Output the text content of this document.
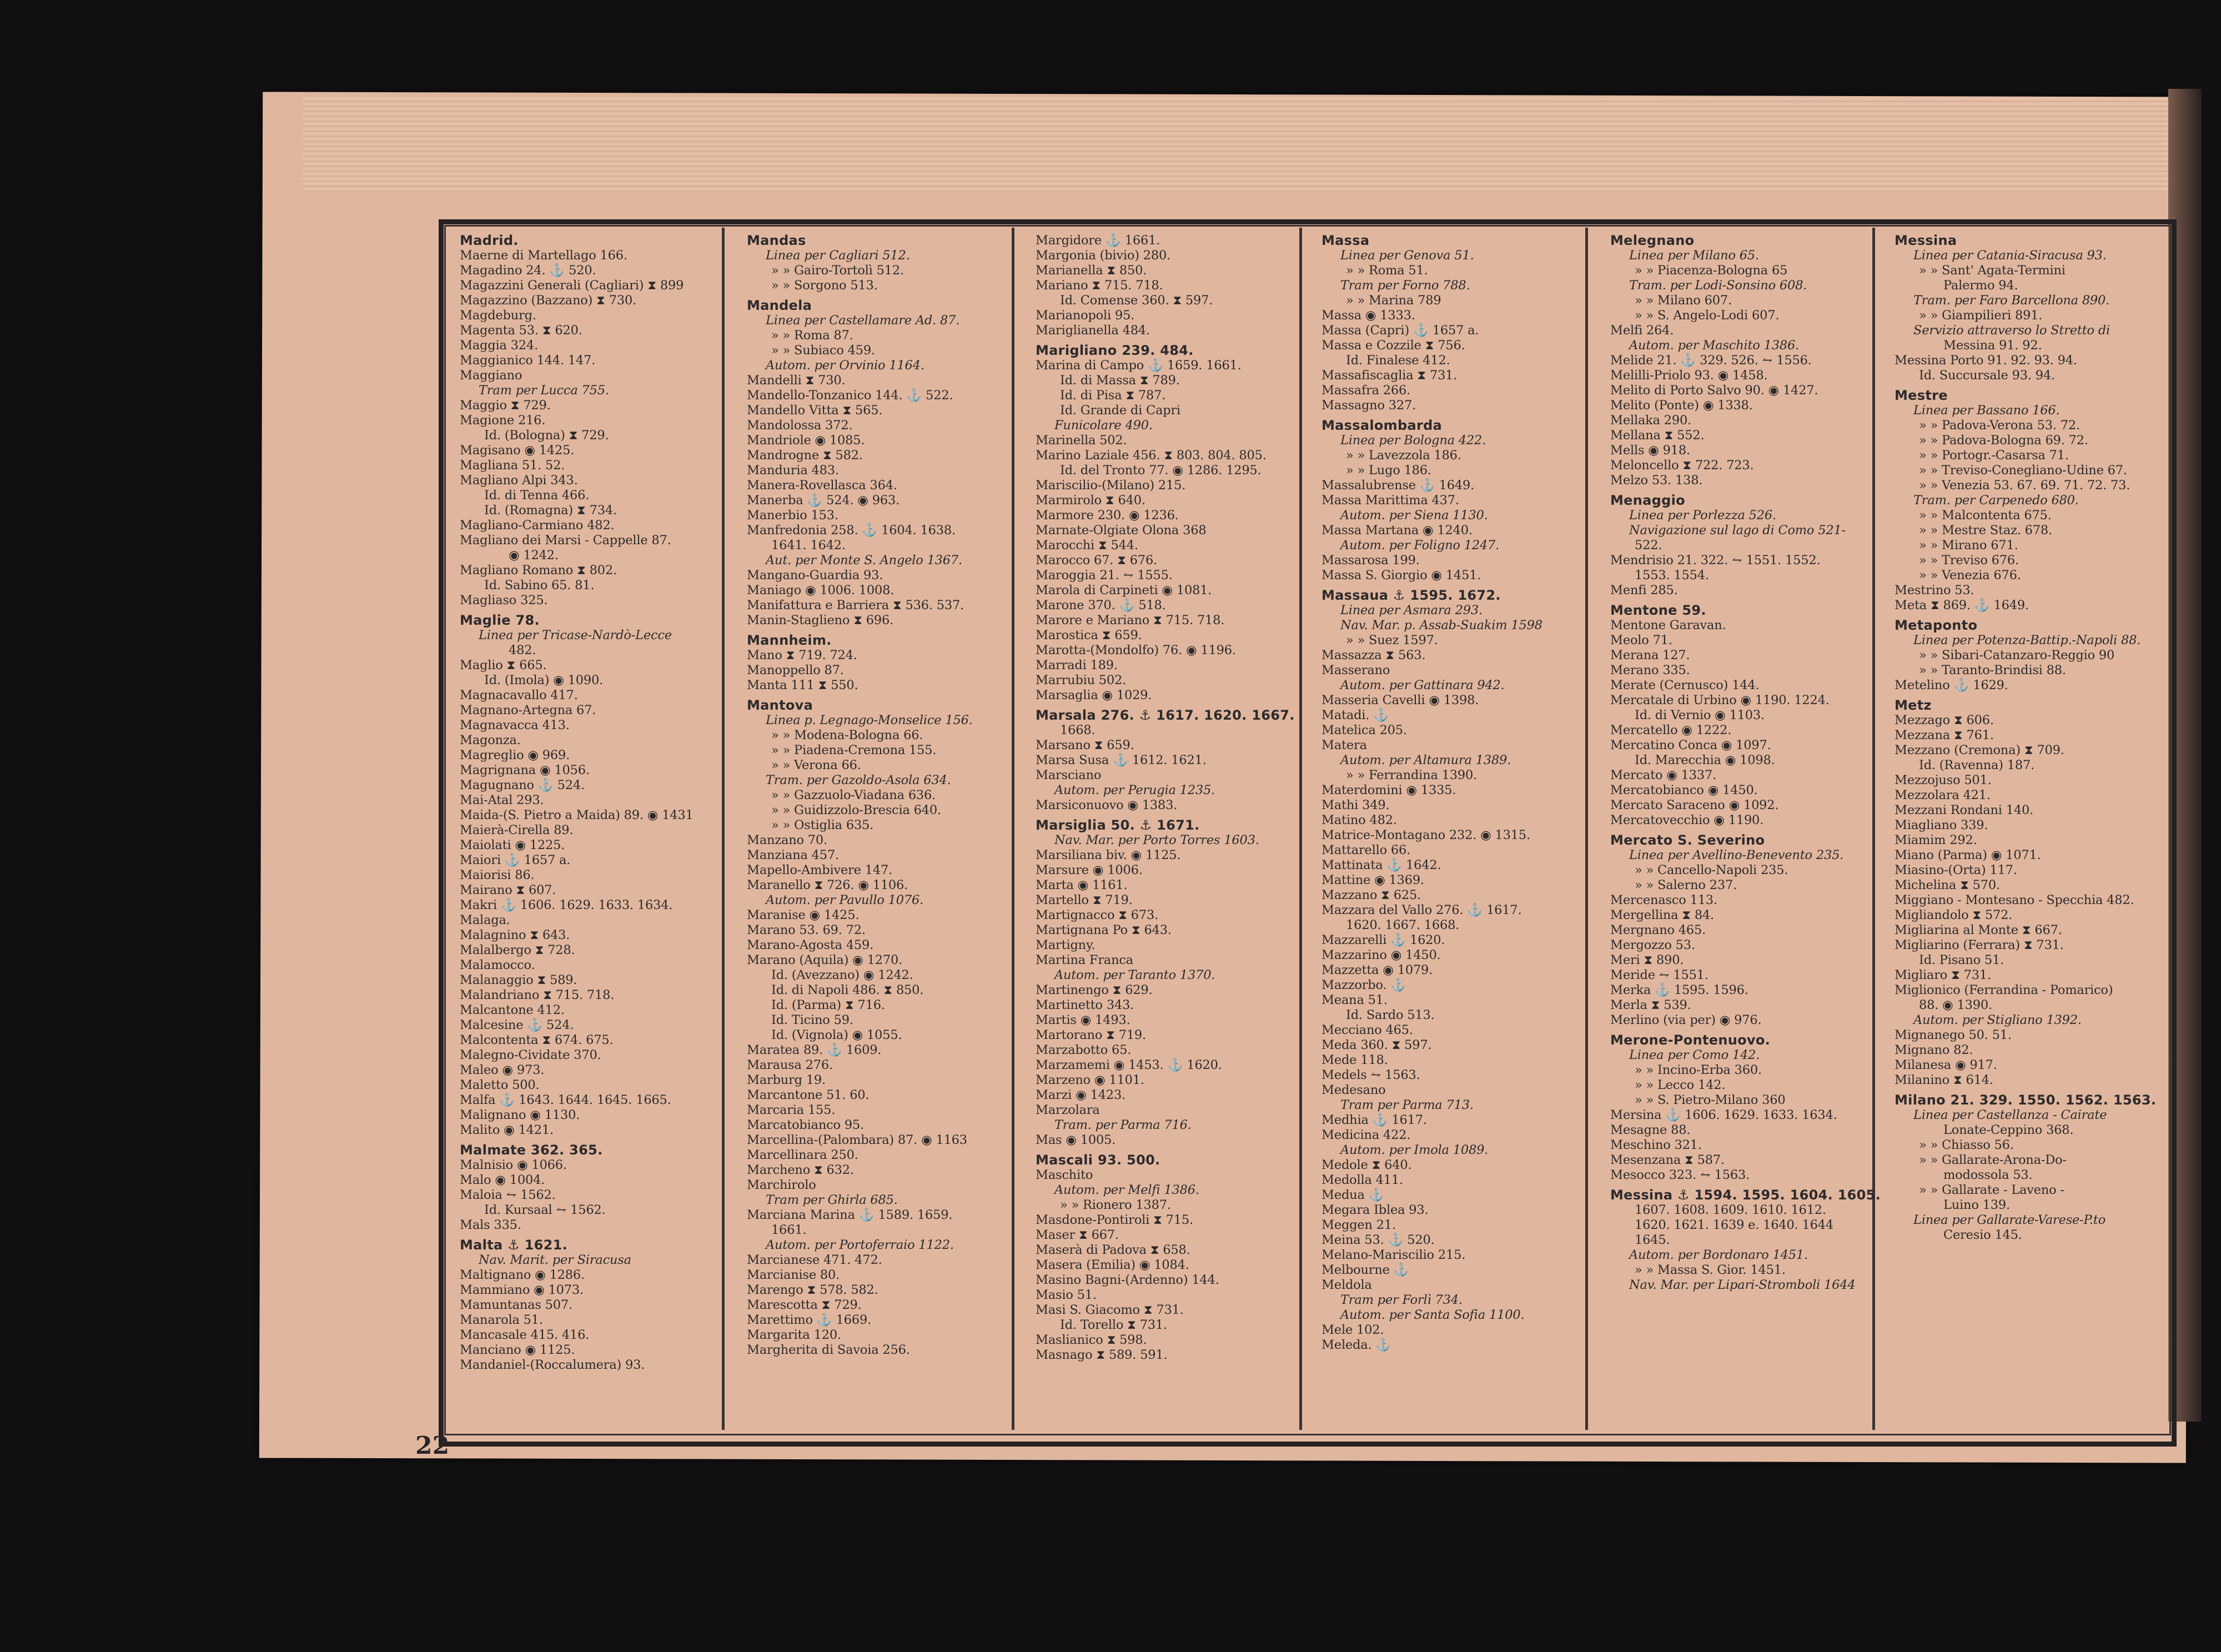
Madrid.
Maerne di Martellago 166.
Magadino 24. ⚓ 520.
Magazzini Generali (Cagliari) ⧗ 899
Magazzino (Bazzano) ⧗ 730.
Magdeburg.
Magenta 53. ⧗ 620.
Maggia 324.
Maggianico 144. 147.
Maggiano
Tram per Lucca 755.
Maggio ⧗ 729.
Magione 216.
Id. (Bologna) ⧗ 729.
Magisano ◉ 1425.
Magliana 51. 52.
Magliano Alpi 343.
Id. di Tenna 466.
Id. (Romagna) ⧗ 734.
Magliano-Carmiano 482.
Magliano dei Marsi - Cappelle 87.
◉ 1242.
Magliano Romano ⧗ 802.
Id. Sabino 65. 81.
Magliaso 325.
Maglie 78.
Linea per Tricase-Nardò-Lecce
482.
Maglio ⧗ 665.
Id. (Imola) ◉ 1090.
Magnacavallo 417.
Magnano-Artegna 67.
Magnavacca 413.
Magonza.
Magreglio ◉ 969.
Magrignana ◉ 1056.
Magugnano ⚓ 524.
Mai-Atal 293.
Maida-(S. Pietro a Maida) 89. ◉ 1431
Maierà-Cirella 89.
Maiolati ◉ 1225.
Maiori ⚓ 1657 a.
Maiorisi 86.
Mairano ⧗ 607.
Makri ⚓ 1606. 1629. 1633. 1634.
Malaga.
Malagnino ⧗ 643.
Malalbergo ⧗ 728.
Malamocco.
Malanaggio ⧗ 589.
Malandriano ⧗ 715. 718.
Malcantone 412.
Malcesine ⚓ 524.
Malcontenta ⧗ 674. 675.
Malegno-Cividate 370.
Maleo ◉ 973.
Maletto 500.
Malfa ⚓ 1643. 1644. 1645. 1665.
Malignano ◉ 1130.
Malito ◉ 1421.
Malmate 362. 365.
Malnisio ◉ 1066.
Malo ◉ 1004.
Maloia ⥊ 1562.
Id. Kursaal ⥊ 1562.
Mals 335.
Malta ⚓ 1621.
Nav. Marit. per Siracusa
Maltignano ◉ 1286.
Mammiano ◉ 1073.
Mamuntanas 507.
Manarola 51.
Mancasale 415. 416.
Manciano ◉ 1125.
Mandaniel-(Roccalumera) 93.
Mandas
Linea per Cagliari 512.
» » Gairo-Tortolì 512.
» » Sorgono 513.
Mandela
Linea per Castellamare Ad. 87.
» » Roma 87.
» » Subiaco 459.
Autom. per Orvinio 1164.
Mandelli ⧗ 730.
Mandello-Tonzanico 144. ⚓ 522.
Mandello Vitta ⧗ 565.
Mandolossa 372.
Mandriole ◉ 1085.
Mandrogne ⧗ 582.
Manduria 483.
Manera-Rovellasca 364.
Manerba ⚓ 524. ◉ 963.
Manerbio 153.
Manfredonia 258. ⚓ 1604. 1638.
1641. 1642.
Aut. per Monte S. Angelo 1367.
Mangano-Guardia 93.
Maniago ◉ 1006. 1008.
Manifattura e Barriera ⧗ 536. 537.
Manin-Staglieno ⧗ 696.
Mannheim.
Mano ⧗ 719. 724.
Manoppello 87.
Manta 111 ⧗ 550.
Mantova
Linea p. Legnago-Monselice 156.
» » Modena-Bologna 66.
» » Piadena-Cremona 155.
» » Verona 66.
Tram. per Gazoldo-Asola 634.
» » Gazzuolo-Viadana 636.
» » Guidizzolo-Brescia 640.
» » Ostiglia 635.
Manzano 70.
Manziana 457.
Mapello-Ambivere 147.
Maranello ⧗ 726. ◉ 1106.
Autom. per Pavullo 1076.
Maranise ◉ 1425.
Marano 53. 69. 72.
Marano-Agosta 459.
Marano (Aquila) ◉ 1270.
Id. (Avezzano) ◉ 1242.
Id. di Napoli 486. ⧗ 850.
Id. (Parma) ⧗ 716.
Id. Ticino 59.
Id. (Vignola) ◉ 1055.
Maratea 89. ⚓ 1609.
Marausa 276.
Marburg 19.
Marcantone 51. 60.
Marcaria 155.
Marcatobianco 95.
Marcellina-(Palombara) 87. ◉ 1163
Marcellinara 250.
Marcheno ⧗ 632.
Marchirolo
Tram per Ghirla 685.
Marciana Marina ⚓ 1589. 1659.
1661.
Autom. per Portoferraio 1122.
Marcianese 471. 472.
Marcianise 80.
Marengo ⧗ 578. 582.
Marescotta ⧗ 729.
Marettimo ⚓ 1669.
Margarita 120.
Margherita di Savoia 256.
Margidore ⚓ 1661.
Margonia (bivio) 280.
Marianella ⧗ 850.
Mariano ⧗ 715. 718.
Id. Comense 360. ⧗ 597.
Marianopoli 95.
Mariglianella 484.
Marigliano 239. 484.
Marina di Campo ⚓ 1659. 1661.
Id. di Massa ⧗ 789.
Id. di Pisa ⧗ 787.
Id. Grande di Capri
Funicolare 490.
Marinella 502.
Marino Laziale 456. ⧗ 803. 804. 805.
Id. del Tronto 77. ◉ 1286. 1295.
Mariscilio-(Milano) 215.
Marmirolo ⧗ 640.
Marmore 230. ◉ 1236.
Marnate-Olgiate Olona 368
Marocchi ⧗ 544.
Marocco 67. ⧗ 676.
Maroggia 21. ⥊ 1555.
Marola di Carpineti ◉ 1081.
Marone 370. ⚓ 518.
Marore e Mariano ⧗ 715. 718.
Marostica ⧗ 659.
Marotta-(Mondolfo) 76. ◉ 1196.
Marradi 189.
Marrubiu 502.
Marsaglia ◉ 1029.
Marsala 276. ⚓ 1617. 1620. 1667.
1668.
Marsano ⧗ 659.
Marsa Susa ⚓ 1612. 1621.
Marsciano
Autom. per Perugia 1235.
Marsiconuovo ◉ 1383.
Marsiglia 50. ⚓ 1671.
Nav. Mar. per Porto Torres 1603.
Marsiliana biv. ◉ 1125.
Marsure ◉ 1006.
Marta ◉ 1161.
Martello ⧗ 719.
Martignacco ⧗ 673.
Martignana Po ⧗ 643.
Martigny.
Martina Franca
Autom. per Taranto 1370.
Martinengo ⧗ 629.
Martinetto 343.
Martis ◉ 1493.
Martorano ⧗ 719.
Marzabotto 65.
Marzamemi ◉ 1453. ⚓ 1620.
Marzeno ◉ 1101.
Marzi ◉ 1423.
Marzolara
Tram. per Parma 716.
Mas ◉ 1005.
Mascali 93. 500.
Maschito
Autom. per Melfi 1386.
» » Rionero 1387.
Masdone-Pontiroli ⧗ 715.
Maser ⧗ 667.
Maserà di Padova ⧗ 658.
Masera (Emilia) ◉ 1084.
Masino Bagni-(Ardenno) 144.
Masio 51.
Masi S. Giacomo ⧗ 731.
Id. Torello ⧗ 731.
Maslianico ⧗ 598.
Masnago ⧗ 589. 591.
Massa
Linea per Genova 51.
» » Roma 51.
Tram per Forno 788.
» » Marina 789
Massa ◉ 1333.
Massa (Capri) ⚓ 1657 a.
Massa e Cozzile ⧗ 756.
Id. Finalese 412.
Massafiscaglia ⧗ 731.
Massafra 266.
Massagno 327.
Massalombarda
Linea per Bologna 422.
» » Lavezzola 186.
» » Lugo 186.
Massalubrense ⚓ 1649.
Massa Marittima 437.
Autom. per Siena 1130.
Massa Martana ◉ 1240.
Autom. per Foligno 1247.
Massarosa 199.
Massa S. Giorgio ◉ 1451.
Massaua ⚓ 1595. 1672.
Linea per Asmara 293.
Nav. Mar. p. Assab-Suakim 1598
» » Suez 1597.
Massazza ⧗ 563.
Masserano
Autom. per Gattinara 942.
Masseria Cavelli ◉ 1398.
Matadi. ⚓
Matelica 205.
Matera
Autom. per Altamura 1389.
» » Ferrandina 1390.
Materdomini ◉ 1335.
Mathi 349.
Matino 482.
Matrice-Montagano 232. ◉ 1315.
Mattarello 66.
Mattinata ⚓ 1642.
Mattine ◉ 1369.
Mazzano ⧗ 625.
Mazzara del Vallo 276. ⚓ 1617.
1620. 1667. 1668.
Mazzarelli ⚓ 1620.
Mazzarino ◉ 1450.
Mazzetta ◉ 1079.
Mazzorbo. ⚓
Meana 51.
Id. Sardo 513.
Mecciano 465.
Meda 360. ⧗ 597.
Mede 118.
Medels ⥊ 1563.
Medesano
Tram per Parma 713.
Medhia ⚓ 1617.
Medicina 422.
Autom. per Imola 1089.
Medole ⧗ 640.
Medolla 411.
Medua ⚓
Megara Iblea 93.
Meggen 21.
Meina 53. ⚓ 520.
Melano-Mariscilio 215.
Melbourne ⚓
Meldola
Tram per Forlì 734.
Autom. per Santa Sofia 1100.
Mele 102.
Meleda. ⚓
Melegnano
Linea per Milano 65.
» » Piacenza-Bologna 65
Tram. per Lodi-Sonsino 608.
» » Milano 607.
» » S. Angelo-Lodi 607.
Melfi 264.
Autom. per Maschito 1386.
Melide 21. ⚓ 329. 526. ⥊ 1556.
Melilli-Priolo 93. ◉ 1458.
Melito di Porto Salvo 90. ◉ 1427.
Melito (Ponte) ◉ 1338.
Mellaka 290.
Mellana ⧗ 552.
Mells ◉ 918.
Meloncello ⧗ 722. 723.
Melzo 53. 138.
Menaggio
Linea per Porlezza 526.
Navigazione sul lago di Como 521-
522.
Mendrisio 21. 322. ⥊ 1551. 1552.
1553. 1554.
Menfi 285.
Mentone 59.
Mentone Garavan.
Meolo 71.
Merana 127.
Merano 335.
Merate (Cernusco) 144.
Mercatale di Urbino ◉ 1190. 1224.
Id. di Vernio ◉ 1103.
Mercatello ◉ 1222.
Mercatino Conca ◉ 1097.
Id. Marecchia ◉ 1098.
Mercato ◉ 1337.
Mercatobianco ◉ 1450.
Mercato Saraceno ◉ 1092.
Mercatovecchio ◉ 1190.
Mercato S. Severino
Linea per Avellino-Benevento 235.
» » Cancello-Napoli 235.
» » Salerno 237.
Mercenasco 113.
Mergellina ⧗ 84.
Mergnano 465.
Mergozzo 53.
Meri ⧗ 890.
Meride ⥊ 1551.
Merka ⚓ 1595. 1596.
Merla ⧗ 539.
Merlino (via per) ◉ 976.
Merone-Pontenuovo.
Linea per Como 142.
» » Incino-Erba 360.
» » Lecco 142.
» » S. Pietro-Milano 360
Mersina ⚓ 1606. 1629. 1633. 1634.
Mesagne 88.
Meschino 321.
Mesenzana ⧗ 587.
Mesocco 323. ⥊ 1563.
Messina ⚓ 1594. 1595. 1604. 1605.
1607. 1608. 1609. 1610. 1612.
1620. 1621. 1639 e. 1640. 1644
1645.
Autom. per Bordonaro 1451.
» » Massa S. Gior. 1451.
Nav. Mar. per Lipari-Stromboli 1644
Messina
Linea per Catania-Siracusa 93.
» » Sant' Agata-Termini
Palermo 94.
Tram. per Faro Barcellona 890.
» » Giampilieri 891.
Servizio attraverso lo Stretto di
Messina 91. 92.
Messina Porto 91. 92. 93. 94.
Id. Succursale 93. 94.
Mestre
Linea per Bassano 166.
» » Padova-Verona 53. 72.
» » Padova-Bologna 69. 72.
» » Portogr.-Casarsa 71.
» » Treviso-Conegliano-Udine 67.
» » Venezia 53. 67. 69. 71. 72. 73.
Tram. per Carpenedo 680.
» » Malcontenta 675.
» » Mestre Staz. 678.
» » Mirano 671.
» » Treviso 676.
» » Venezia 676.
Mestrino 53.
Meta ⧗ 869. ⚓ 1649.
Metaponto
Linea per Potenza-Battip.-Napoli 88.
» » Sibari-Catanzaro-Reggio 90
» » Taranto-Brindisi 88.
Metelino ⚓ 1629.
Metz
Mezzago ⧗ 606.
Mezzana ⧗ 761.
Mezzano (Cremona) ⧗ 709.
Id. (Ravenna) 187.
Mezzojuso 501.
Mezzolara 421.
Mezzani Rondani 140.
Miagliano 339.
Miamim 292.
Miano (Parma) ◉ 1071.
Miasino-(Orta) 117.
Michelina ⧗ 570.
Miggiano - Montesano - Specchia 482.
Migliandolo ⧗ 572.
Migliarina al Monte ⧗ 667.
Migliarino (Ferrara) ⧗ 731.
Id. Pisano 51.
Migliaro ⧗ 731.
Miglionico (Ferrandina - Pomarico)
88. ◉ 1390.
Autom. per Stigliano 1392.
Mignanego 50. 51.
Mignano 82.
Milanesa ◉ 917.
Milanino ⧗ 614.
Milano 21. 329. 1550. 1562. 1563.
Linea per Castellanza - Cairate
Lonate-Ceppino 368.
» » Chiasso 56.
» » Gallarate-Arona-Do-
modossola 53.
» » Gallarate - Laveno -
Luino 139.
Linea per Gallarate-Varese-P.to
Ceresio 145.
22
